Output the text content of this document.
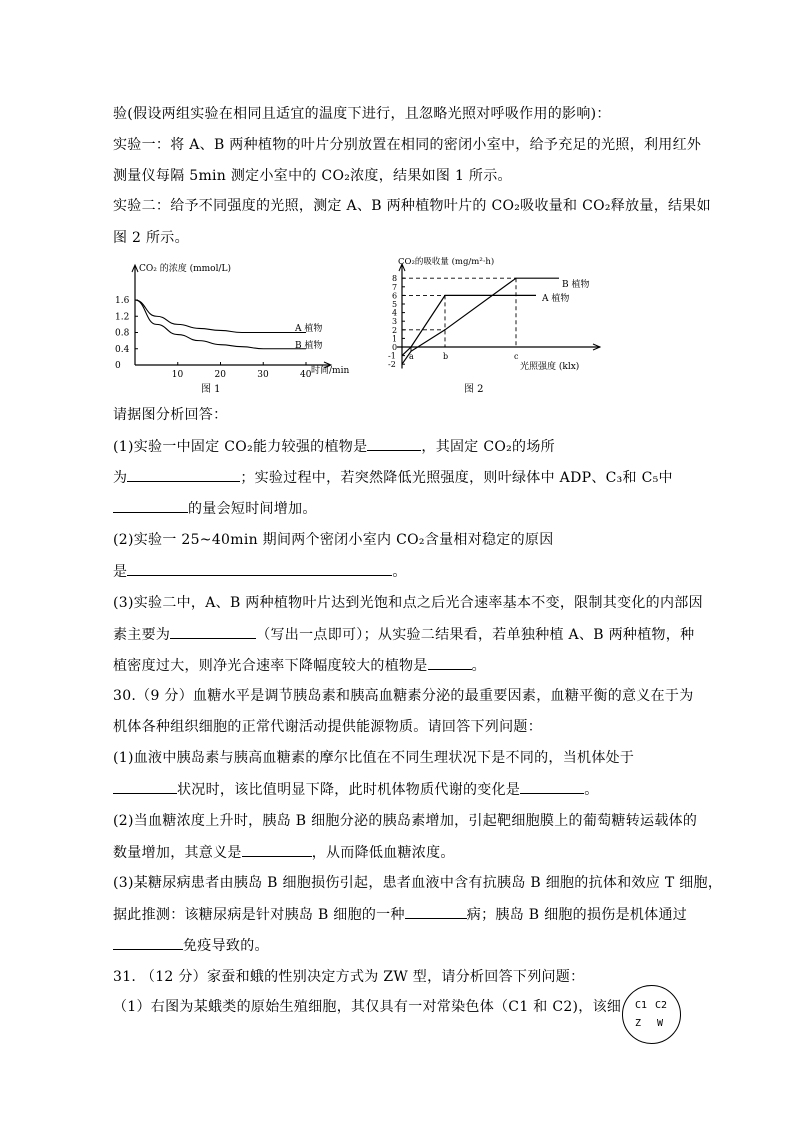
验(假设两组实验在相同且适宜的温度下进行，且忽略光照对呼吸作用的影响)：
实验一：将 A、B 两种植物的叶片分别放置在相同的密闭小室中，给予充足的光照，利用红外
测量仪每隔 5min 测定小室中的 CO₂浓度，结果如图 1 所示。
实验二：给予不同强度的光照，测定 A、B 两种植物叶片的 CO₂吸收量和 CO₂释放量，结果如
图 2 所示。
1.6
1.2
0.8
0.4
0
10	20	30	40
CO₂ 的浓度 (mmol/L)
时间/min
A 植物
B 植物
图 1
8
7
6
5
4
3
2
1
0
-1
-2
a	b	c
CO₂的吸收量 (mg/m²·h)
光照强度 (klx)
B 植物
A 植物
图 2
请据图分析回答：
(1)实验一中固定 CO₂能力较强的植物是	，其固定 CO₂的场所
为	；实验过程中，若突然降低光照强度，则叶绿体中 ADP、C₃和 C₅中
的量会短时间增加。
(2)实验一 25~40min 期间两个密闭小室内 CO₂含量相对稳定的原因
是	。
(3)实验二中，A、B 两种植物叶片达到光饱和点之后光合速率基本不变，限制其变化的内部因
素主要为	（写出一点即可）；从实验二结果看，若单独种植 A、B 两种植物，种
植密度过大，则净光合速率下降幅度较大的植物是	。
30.（9 分）血糖水平是调节胰岛素和胰高血糖素分泌的最重要因素，血糖平衡的意义在于为
机体各种组织细胞的正常代谢活动提供能源物质。请回答下列问题：
(1)血液中胰岛素与胰高血糖素的摩尔比值在不同生理状况下是不同的，当机体处于
状况时，该比值明显下降，此时机体物质代谢的变化是	。
(2)当血糖浓度上升时，胰岛 B 细胞分泌的胰岛素增加，引起靶细胞膜上的葡萄糖转运载体的
数量增加，其意义是	，从而降低血糖浓度。
(3)某糖尿病患者由胰岛 B 细胞损伤引起，患者血液中含有抗胰岛 B 细胞的抗体和效应 T 细胞，
据此推测：该糖尿病是针对胰岛 B 细胞的一种	病；胰岛 B 细胞的损伤是机体通过
免疫导致的。
31. （12 分）家蚕和蛾的性别决定方式为 ZW 型，请分析回答下列问题：
（1）右图为某蛾类的原始生殖细胞，其仅具有一对常染色体（C1 和 C2)，该细 C1 C2
Z W
